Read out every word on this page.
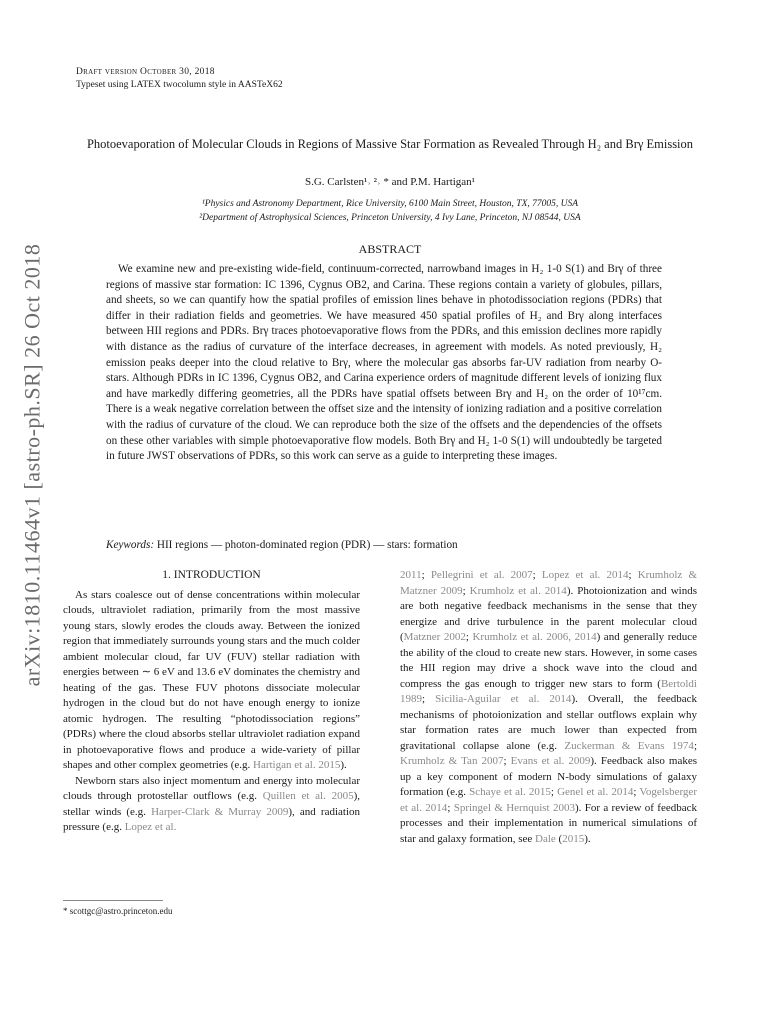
arXiv:1810.11464v1 [astro-ph.SR] 26 Oct 2018
Draft version October 30, 2018
Typeset using LATEX twocolumn style in AASTeX62
Photoevaporation of Molecular Clouds in Regions of Massive Star Formation as Revealed Through H₂ and Brγ Emission
S.G. Carlsten¹˒ ²˒ * and P.M. Hartigan¹
¹Physics and Astronomy Department, Rice University, 6100 Main Street, Houston, TX, 77005, USA
²Department of Astrophysical Sciences, Princeton University, 4 Ivy Lane, Princeton, NJ 08544, USA
ABSTRACT
We examine new and pre-existing wide-field, continuum-corrected, narrowband images in H₂ 1-0 S(1) and Brγ of three regions of massive star formation: IC 1396, Cygnus OB2, and Carina. These regions contain a variety of globules, pillars, and sheets, so we can quantify how the spatial profiles of emission lines behave in photodissociation regions (PDRs) that differ in their radiation fields and geometries. We have measured 450 spatial profiles of H₂ and Brγ along interfaces between HII regions and PDRs. Brγ traces photoevaporative flows from the PDRs, and this emission declines more rapidly with distance as the radius of curvature of the interface decreases, in agreement with models. As noted previously, H₂ emission peaks deeper into the cloud relative to Brγ, where the molecular gas absorbs far-UV radiation from nearby O-stars. Although PDRs in IC 1396, Cygnus OB2, and Carina experience orders of magnitude different levels of ionizing flux and have markedly differing geometries, all the PDRs have spatial offsets between Brγ and H₂ on the order of 10¹⁷cm. There is a weak negative correlation between the offset size and the intensity of ionizing radiation and a positive correlation with the radius of curvature of the cloud. We can reproduce both the size of the offsets and the dependencies of the offsets on these other variables with simple photoevaporative flow models. Both Brγ and H₂ 1-0 S(1) will undoubtedly be targeted in future JWST observations of PDRs, so this work can serve as a guide to interpreting these images.
Keywords: HII regions — photon-dominated region (PDR) — stars: formation
1. INTRODUCTION

As stars coalesce out of dense concentrations within molecular clouds, ultraviolet radiation, primarily from the most massive young stars, slowly erodes the clouds away. Between the ionized region that immediately surrounds young stars and the much colder ambient molecular cloud, far UV (FUV) stellar radiation with energies between ∼ 6 eV and 13.6 eV dominates the chemistry and heating of the gas. These FUV photons dissociate molecular hydrogen in the cloud but do not have enough energy to ionize atomic hydrogen. The resulting “photodissociation regions” (PDRs) where the cloud absorbs stellar ultraviolet radiation expand in photoevaporative flows and produce a wide-variety of pillar shapes and other complex geometries (e.g. Hartigan et al. 2015).

Newborn stars also inject momentum and energy into molecular clouds through protostellar outflows (e.g. Quillen et al. 2005), stellar winds (e.g. Harper-Clark & Murray 2009), and radiation pressure (e.g. Lopez et al.

2011; Pellegrini et al. 2007; Lopez et al. 2014; Krumholz & Matzner 2009; Krumholz et al. 2014). Photoionization and winds are both negative feedback mechanisms in the sense that they energize and drive turbulence in the parent molecular cloud (Matzner 2002; Krumholz et al. 2006, 2014) and generally reduce the ability of the cloud to create new stars. However, in some cases the HII region may drive a shock wave into the cloud and compress the gas enough to trigger new stars to form (Bertoldi 1989; Sicilia-Aguilar et al. 2014). Overall, the feedback mechanisms of photoionization and stellar outflows explain why star formation rates are much lower than expected from gravitational collapse alone (e.g. Zuckerman & Evans 1974; Krumholz & Tan 2007; Evans et al. 2009). Feedback also makes up a key component of modern N-body simulations of galaxy formation (e.g. Schaye et al. 2015; Genel et al. 2014; Vogelsberger et al. 2014; Springel & Hernquist 2003). For a review of feedback processes and their implementation in numerical simulations of star and galaxy formation, see Dale (2015).

* scottgc@astro.princeton.edu
